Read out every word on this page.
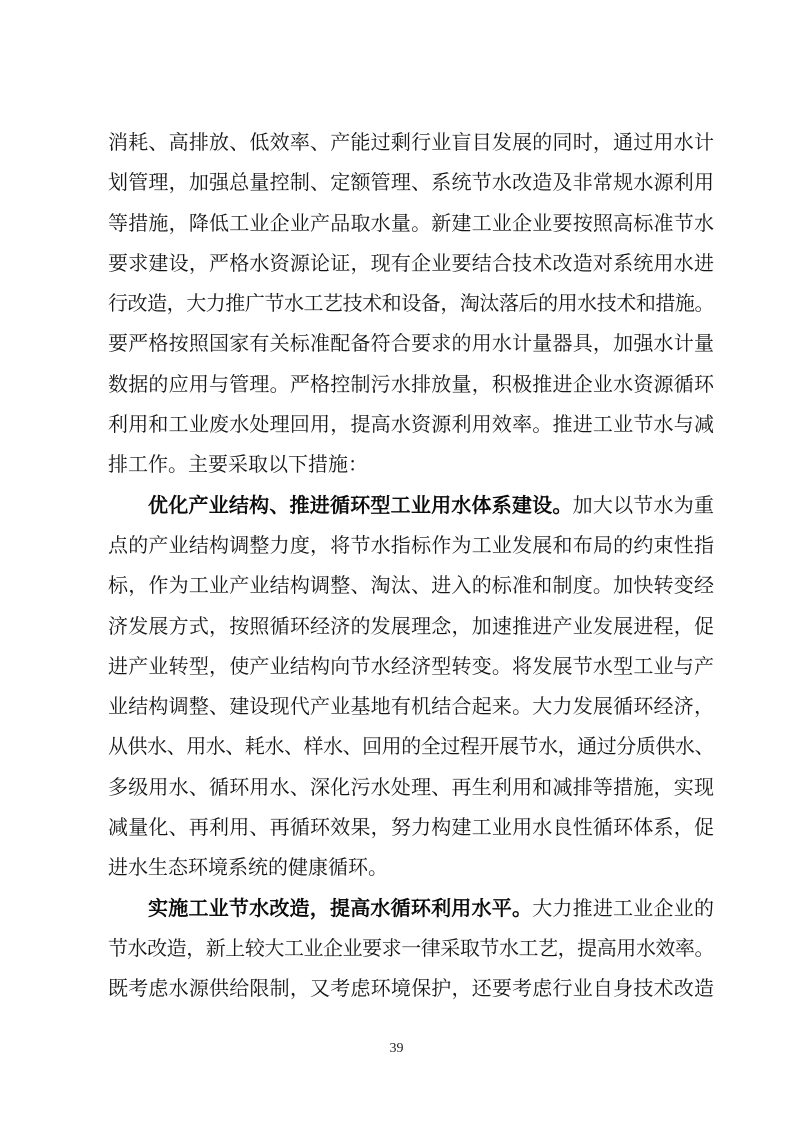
消耗、高排放、低效率、产能过剩行业盲目发展的同时，通过用水计
划管理，加强总量控制、定额管理、系统节水改造及非常规水源利用
等措施，降低工业企业产品取水量。新建工业企业要按照高标准节水
要求建设，严格水资源论证，现有企业要结合技术改造对系统用水进
行改造，大力推广节水工艺技术和设备，淘汰落后的用水技术和措施。
要严格按照国家有关标准配备符合要求的用水计量器具，加强水计量
数据的应用与管理。严格控制污水排放量，积极推进企业水资源循环
利用和工业废水处理回用，提高水资源利用效率。推进工业节水与减
排工作。主要采取以下措施：
优化产业结构、推进循环型工业用水体系建设。加大以节水为重
点的产业结构调整力度，将节水指标作为工业发展和布局的约束性指
标，作为工业产业结构调整、淘汰、进入的标准和制度。加快转变经
济发展方式，按照循环经济的发展理念，加速推进产业发展进程，促
进产业转型，使产业结构向节水经济型转变。将发展节水型工业与产
业结构调整、建设现代产业基地有机结合起来。大力发展循环经济，
从供水、用水、耗水、样水、回用的全过程开展节水，通过分质供水、
多级用水、循环用水、深化污水处理、再生利用和减排等措施，实现
减量化、再利用、再循环效果，努力构建工业用水良性循环体系，促
进水生态环境系统的健康循环。
实施工业节水改造，提高水循环利用水平。大力推进工业企业的
节水改造，新上较大工业企业要求一律采取节水工艺，提高用水效率。
既考虑水源供给限制，又考虑环境保护，还要考虑行业自身技术改造
39
